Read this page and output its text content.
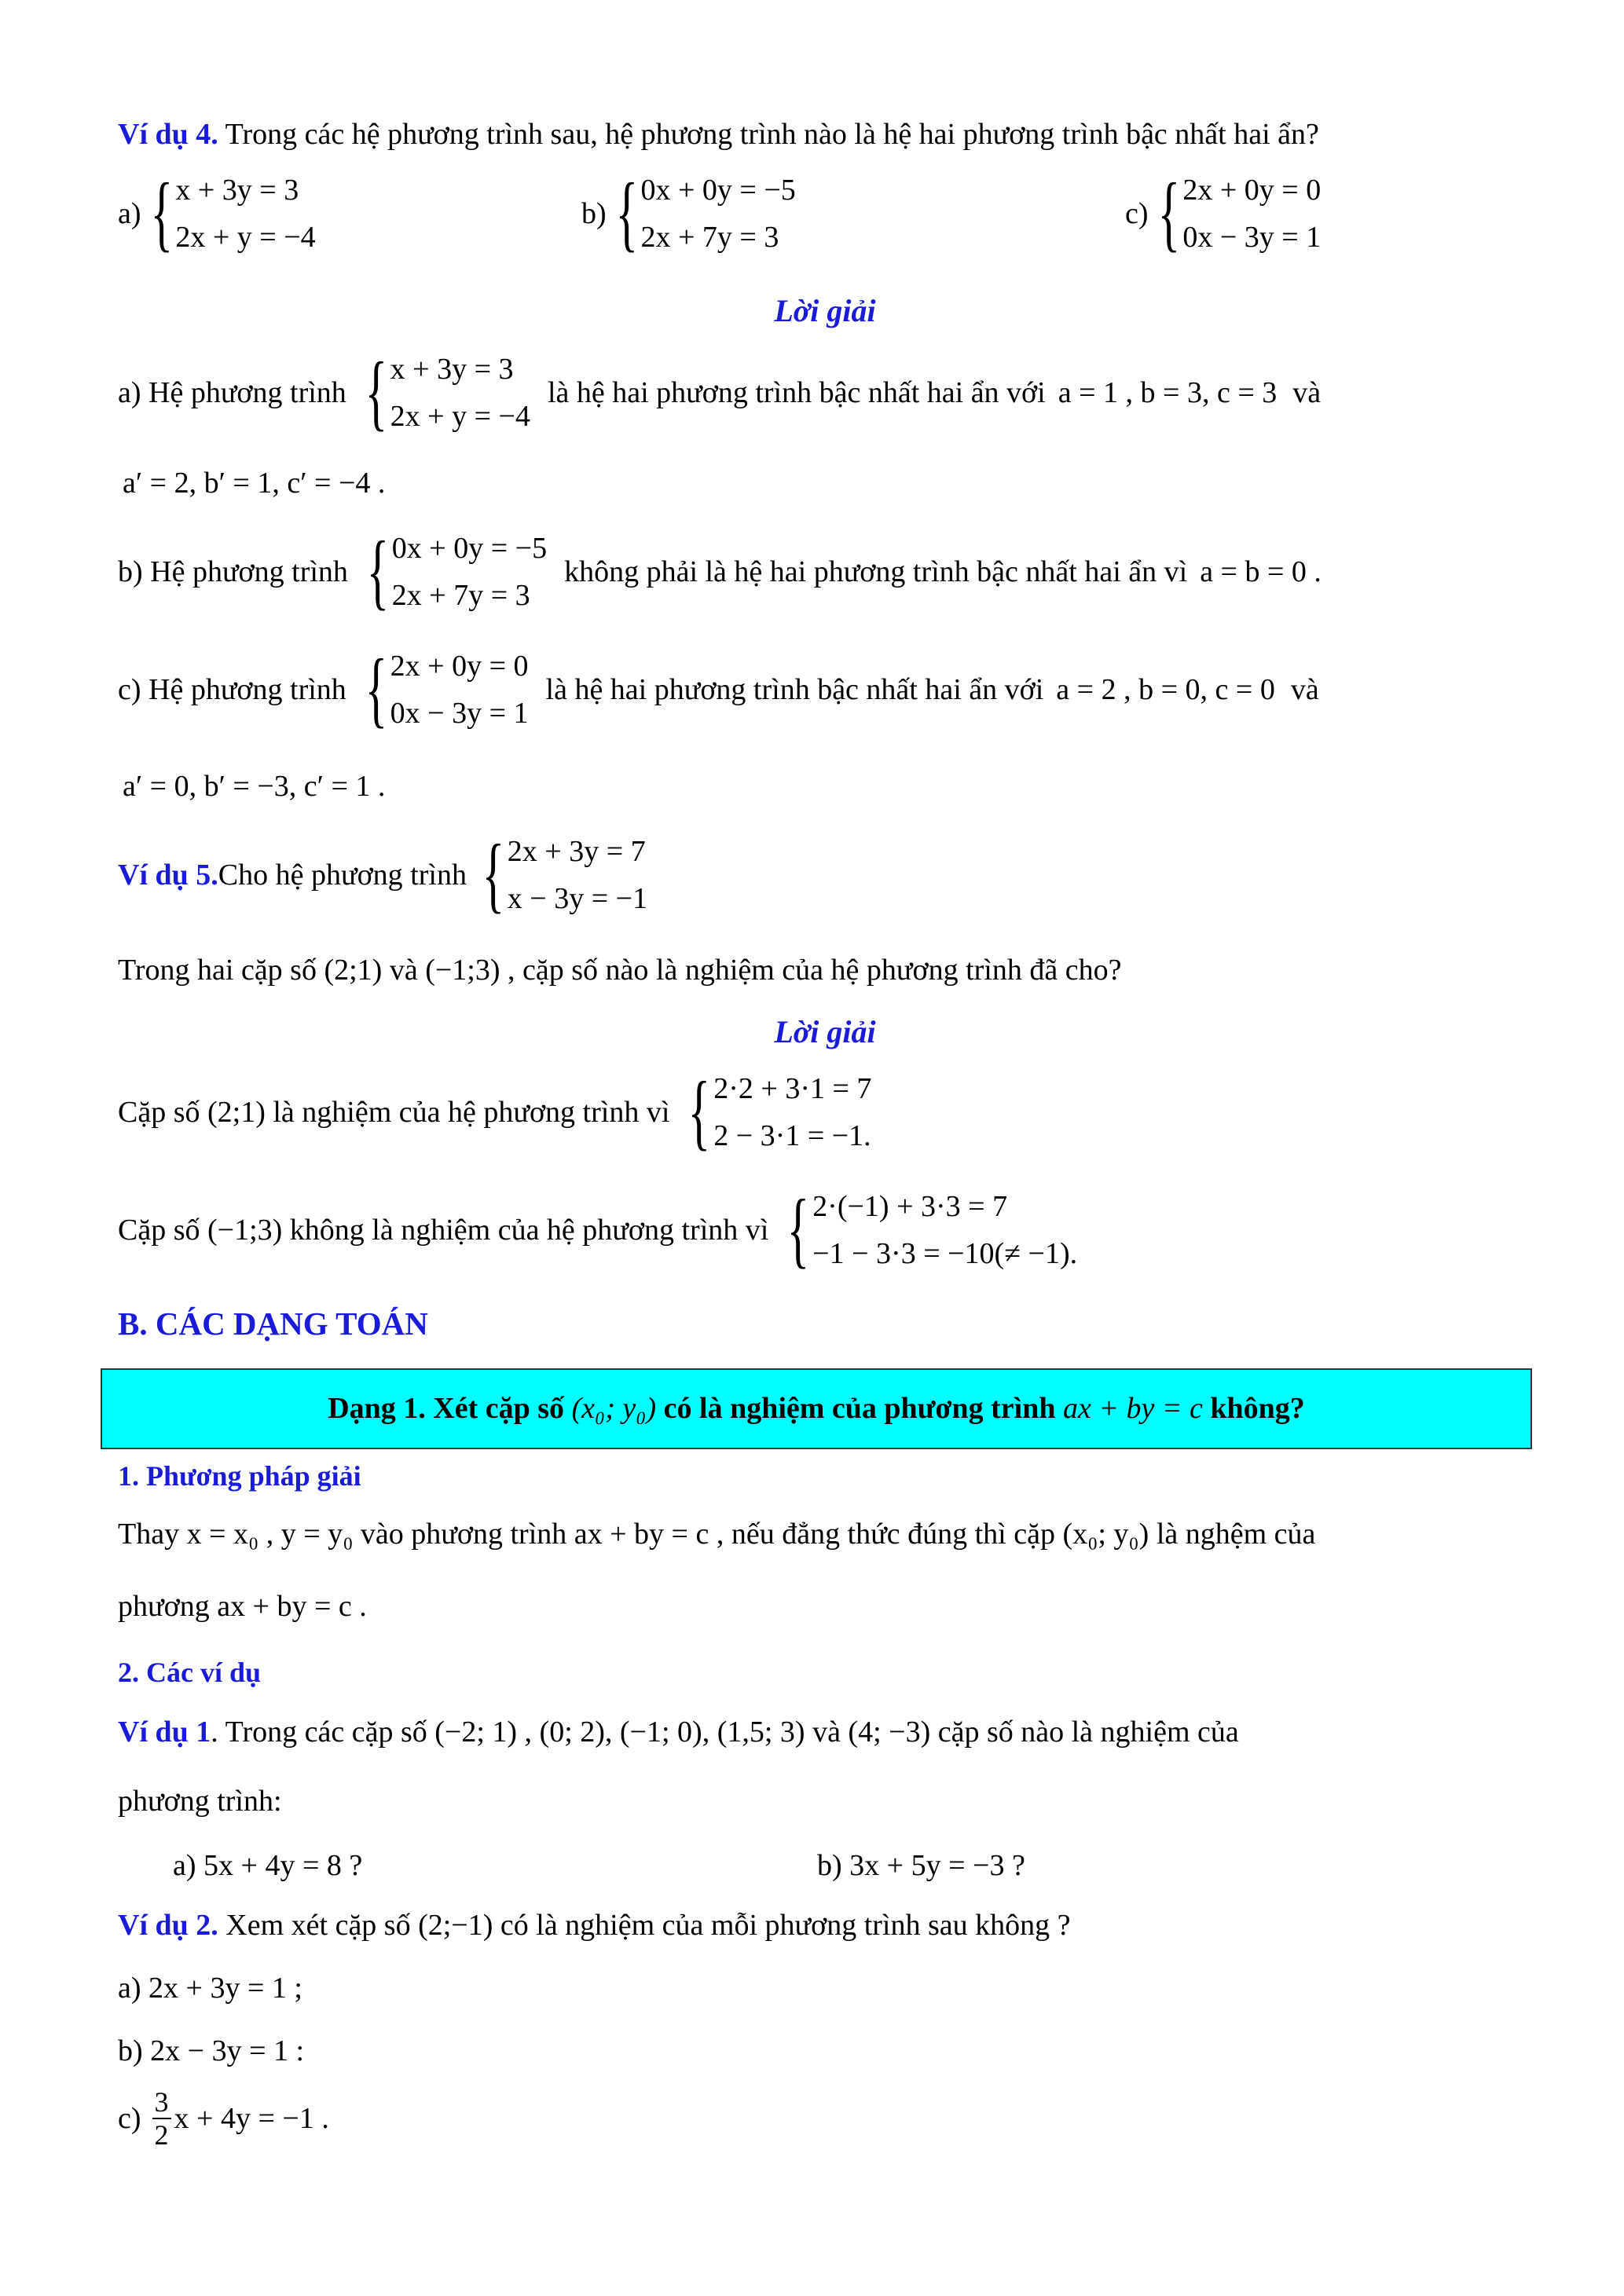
Ví dụ 4. Trong các hệ phương trình sau, hệ phương trình nào là hệ hai phương trình bậc nhất hai ẩn?
a) { x + 3y = 3
2x + y = −4
b) { 0x + 0y = −5
2x + 7y = 3
c) { 2x + 0y = 0
0x − 3y = 1
Lời giải
a) Hệ phương trình { x + 3y = 3
2x + y = −4
là hệ hai phương trình bậc nhất hai ẩn với a = 1 , b = 3, c = 3 và
a′ = 2, b′ = 1, c′ = −4 .
b) Hệ phương trình { 0x + 0y = −5
2x + 7y = 3
không phải là hệ hai phương trình bậc nhất hai ẩn vì a = b = 0 .
c) Hệ phương trình { 2x + 0y = 0
0x − 3y = 1
là hệ hai phương trình bậc nhất hai ẩn với a = 2 , b = 0, c = 0 và
a′ = 0, b′ = −3, c′ = 1 .
Ví dụ 5. Cho hệ phương trình { 2x + 3y = 7
x − 3y = −1
Trong hai cặp số (2;1) và (−1;3) , cặp số nào là nghiệm của hệ phương trình đã cho?
Lời giải
Cặp số (2;1) là nghiệm của hệ phương trình vì { 2·2 + 3·1 = 7
2 − 3·1 = −1.
Cặp số (−1;3) không là nghiệm của hệ phương trình vì { 2·(−1) + 3·3 = 7
−1 − 3·3 = −10(≠ −1).
B. CÁC DẠNG TOÁN
Dạng 1. Xét cặp số (x₀; y₀) có là nghiệm của phương trình ax + by = c không?
1. Phương pháp giải
Thay x = x₀ , y = y₀ vào phương trình ax + by = c , nếu đẳng thức đúng thì cặp (x₀; y₀) là nghệm của
phương ax + by = c .
2. Các ví dụ
Ví dụ 1. Trong các cặp số (−2; 1) , (0; 2), (−1; 0), (1,5; 3) và (4; −3) cặp số nào là nghiệm của
phương trình:
a) 5x + 4y = 8 ?	b) 3x + 5y = −3 ?
Ví dụ 2. Xem xét cặp số (2;−1) có là nghiệm của mỗi phương trình sau không ?
a) 2x + 3y = 1 ;
b) 2x − 3y = 1 :
$c) \frac{3}{2}$ x + 4y = −1 .
